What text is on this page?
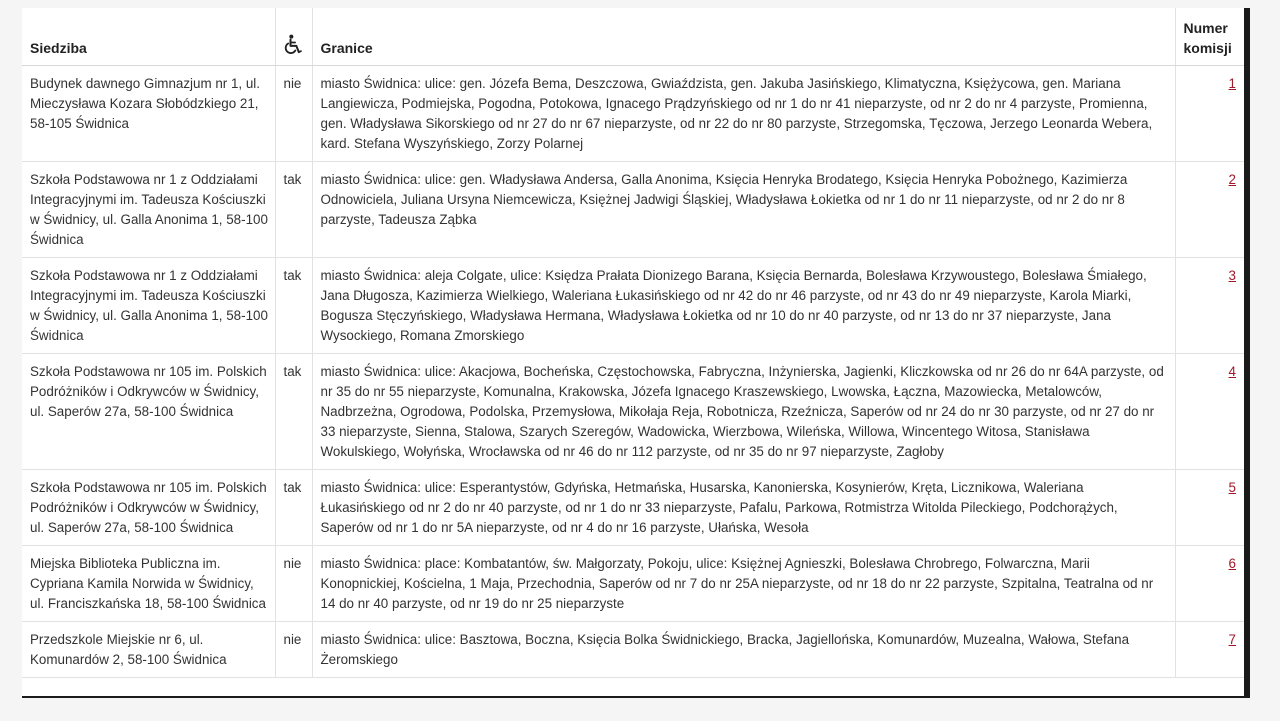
Siedziba		Granice	Numer komisji
Budynek dawnego Gimnazjum nr 1, ul. Mieczysława Kozara Słobódzkiego 21, 58-105 Świdnica	nie	miasto Świdnica: ulice: gen. Józefa Bema, Deszczowa, Gwiaździsta, gen. Jakuba Jasińskiego, Klimatyczna, Księżycowa, gen. Mariana Langiewicza, Podmiejska, Pogodna, Potokowa, Ignacego Prądzyńskiego od nr 1 do nr 41 nieparzyste, od nr 2 do nr 4 parzyste, Promienna, gen. Władysława Sikorskiego od nr 27 do nr 67 nieparzyste, od nr 22 do nr 80 parzyste, Strzegomska, Tęczowa, Jerzego Leonarda Webera, kard. Stefana Wyszyńskiego, Zorzy Polarnej	1
Szkoła Podstawowa nr 1 z Oddziałami Integracyjnymi im. Tadeusza Kościuszki w Świdnicy, ul. Galla Anonima 1, 58-100 Świdnica	tak	miasto Świdnica: ulice: gen. Władysława Andersa, Galla Anonima, Księcia Henryka Brodatego, Księcia Henryka Pobożnego, Kazimierza Odnowiciela, Juliana Ursyna Niemcewicza, Księżnej Jadwigi Śląskiej, Władysława Łokietka od nr 1 do nr 11 nieparzyste, od nr 2 do nr 8 parzyste, Tadeusza Ząbka	2
Szkoła Podstawowa nr 1 z Oddziałami Integracyjnymi im. Tadeusza Kościuszki w Świdnicy, ul. Galla Anonima 1, 58-100 Świdnica	tak	miasto Świdnica: aleja Colgate, ulice: Księdza Prałata Dionizego Barana, Księcia Bernarda, Bolesława Krzywoustego, Bolesława Śmiałego, Jana Długosza, Kazimierza Wielkiego, Waleriana Łukasińskiego od nr 42 do nr 46 parzyste, od nr 43 do nr 49 nieparzyste, Karola Miarki, Bogusza Stęczyńskiego, Władysława Hermana, Władysława Łokietka od nr 10 do nr 40 parzyste, od nr 13 do nr 37 nieparzyste, Jana Wysockiego, Romana Zmorskiego	3
Szkoła Podstawowa nr 105 im. Polskich Podróżników i Odkrywców w Świdnicy, ul. Saperów 27a, 58-100 Świdnica	tak	miasto Świdnica: ulice: Akacjowa, Bocheńska, Częstochowska, Fabryczna, Inżynierska, Jagienki, Kliczkowska od nr 26 do nr 64A parzyste, od nr 35 do nr 55 nieparzyste, Komunalna, Krakowska, Józefa Ignacego Kraszewskiego, Lwowska, Łączna, Mazowiecka, Metalowców, Nadbrzeżna, Ogrodowa, Podolska, Przemysłowa, Mikołaja Reja, Robotnicza, Rzeźnicza, Saperów od nr 24 do nr 30 parzyste, od nr 27 do nr 33 nieparzyste, Sienna, Stalowa, Szarych Szeregów, Wadowicka, Wierzbowa, Wileńska, Willowa, Wincentego Witosa, Stanisława Wokulskiego, Wołyńska, Wrocławska od nr 46 do nr 112 parzyste, od nr 35 do nr 97 nieparzyste, Zagłoby	4
Szkoła Podstawowa nr 105 im. Polskich Podróżników i Odkrywców w Świdnicy, ul. Saperów 27a, 58-100 Świdnica	tak	miasto Świdnica: ulice: Esperantystów, Gdyńska, Hetmańska, Husarska, Kanonierska, Kosynierów, Kręta, Licznikowa, Waleriana Łukasińskiego od nr 2 do nr 40 parzyste, od nr 1 do nr 33 nieparzyste, Pafalu, Parkowa, Rotmistrza Witolda Pileckiego, Podchorążych, Saperów od nr 1 do nr 5A nieparzyste, od nr 4 do nr 16 parzyste, Ułańska, Wesoła	5
Miejska Biblioteka Publiczna im. Cypriana Kamila Norwida w Świdnicy, ul. Franciszkańska 18, 58-100 Świdnica	nie	miasto Świdnica: place: Kombatantów, św. Małgorzaty, Pokoju, ulice: Księżnej Agnieszki, Bolesława Chrobrego, Folwarczna, Marii Konopnickiej, Kościelna, 1 Maja, Przechodnia, Saperów od nr 7 do nr 25A nieparzyste, od nr 18 do nr 22 parzyste, Szpitalna, Teatralna od nr 14 do nr 40 parzyste, od nr 19 do nr 25 nieparzyste	6
Przedszkole Miejskie nr 6, ul. Komunardów 2, 58-100 Świdnica	nie	miasto Świdnica: ulice: Basztowa, Boczna, Księcia Bolka Świdnickiego, Bracka, Jagiellońska, Komunardów, Muzealna, Wałowa, Stefana Żeromskiego	7
